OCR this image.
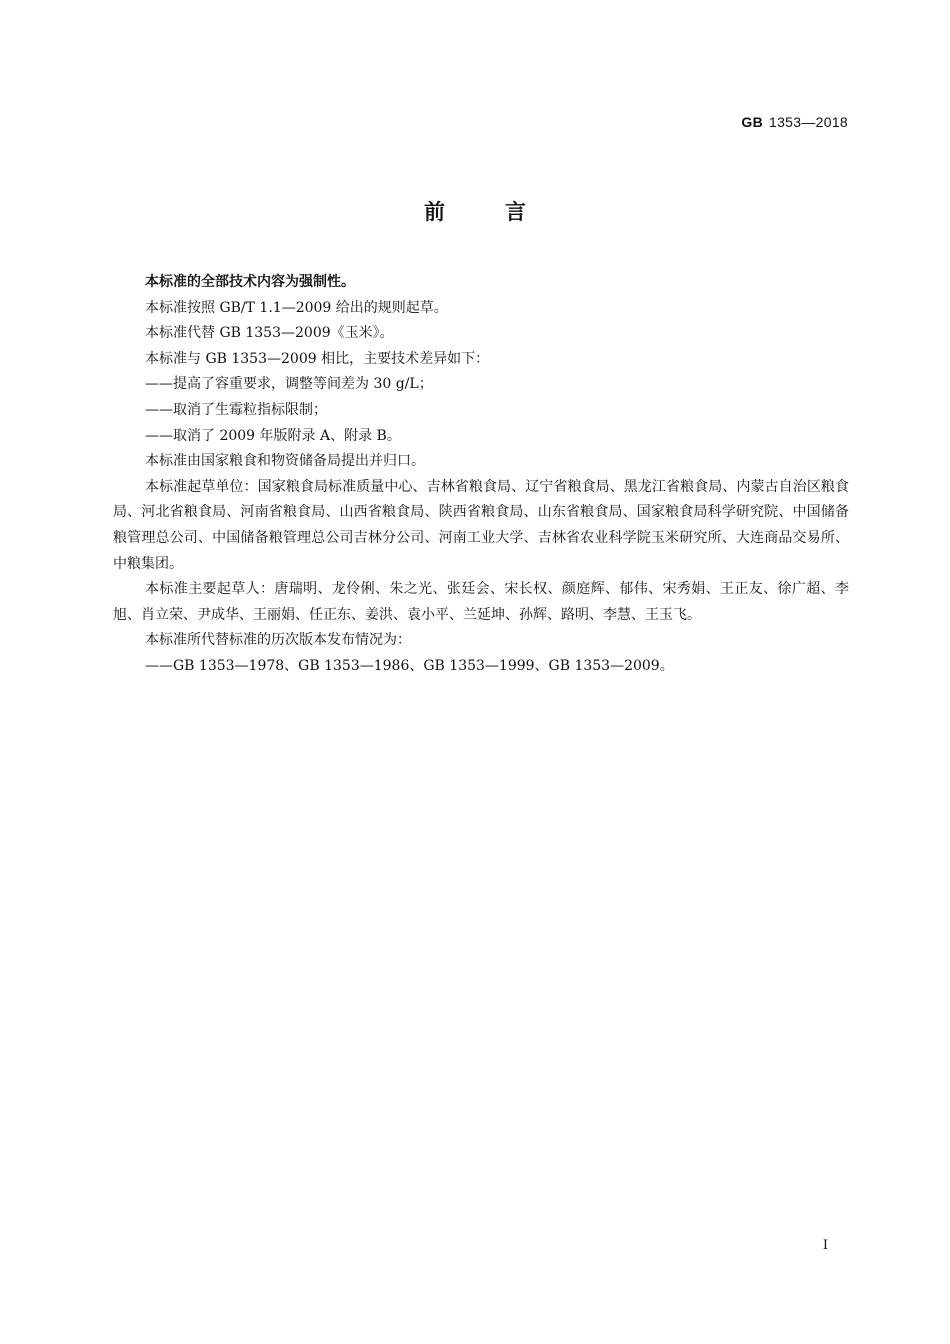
GB 1353—2018
前言

本标准的全部技术内容为强制性。

本标准按照 GB/T 1.1—2009 给出的规则起草。

本标准代替 GB 1353—2009《玉米》。

本标准与 GB 1353—2009 相比，主要技术差异如下：

——提高了容重要求，调整等间差为 30 g/L；

——取消了生霉粒指标限制；

——取消了 2009 年版附录 A、附录 B。

本标准由国家粮食和物资储备局提出并归口。

本标准起草单位：国家粮食局标准质量中心、吉林省粮食局、辽宁省粮食局、黑龙江省粮食局、内蒙古自治区粮食局、河北省粮食局、河南省粮食局、山西省粮食局、陕西省粮食局、山东省粮食局、国家粮食局科学研究院、中国储备粮管理总公司、中国储备粮管理总公司吉林分公司、河南工业大学、吉林省农业科学院玉米研究所、大连商品交易所、中粮集团。

本标准主要起草人：唐瑞明、龙伶俐、朱之光、张廷会、宋长权、颜庭辉、郁伟、宋秀娟、王正友、徐广超、李旭、肖立荣、尹成华、王丽娟、任正东、姜洪、袁小平、兰延坤、孙辉、路明、李慧、王玉飞。

本标准所代替标准的历次版本发布情况为：

——GB 1353—1978、GB 1353—1986、GB 1353—1999、GB 1353—2009。

I
